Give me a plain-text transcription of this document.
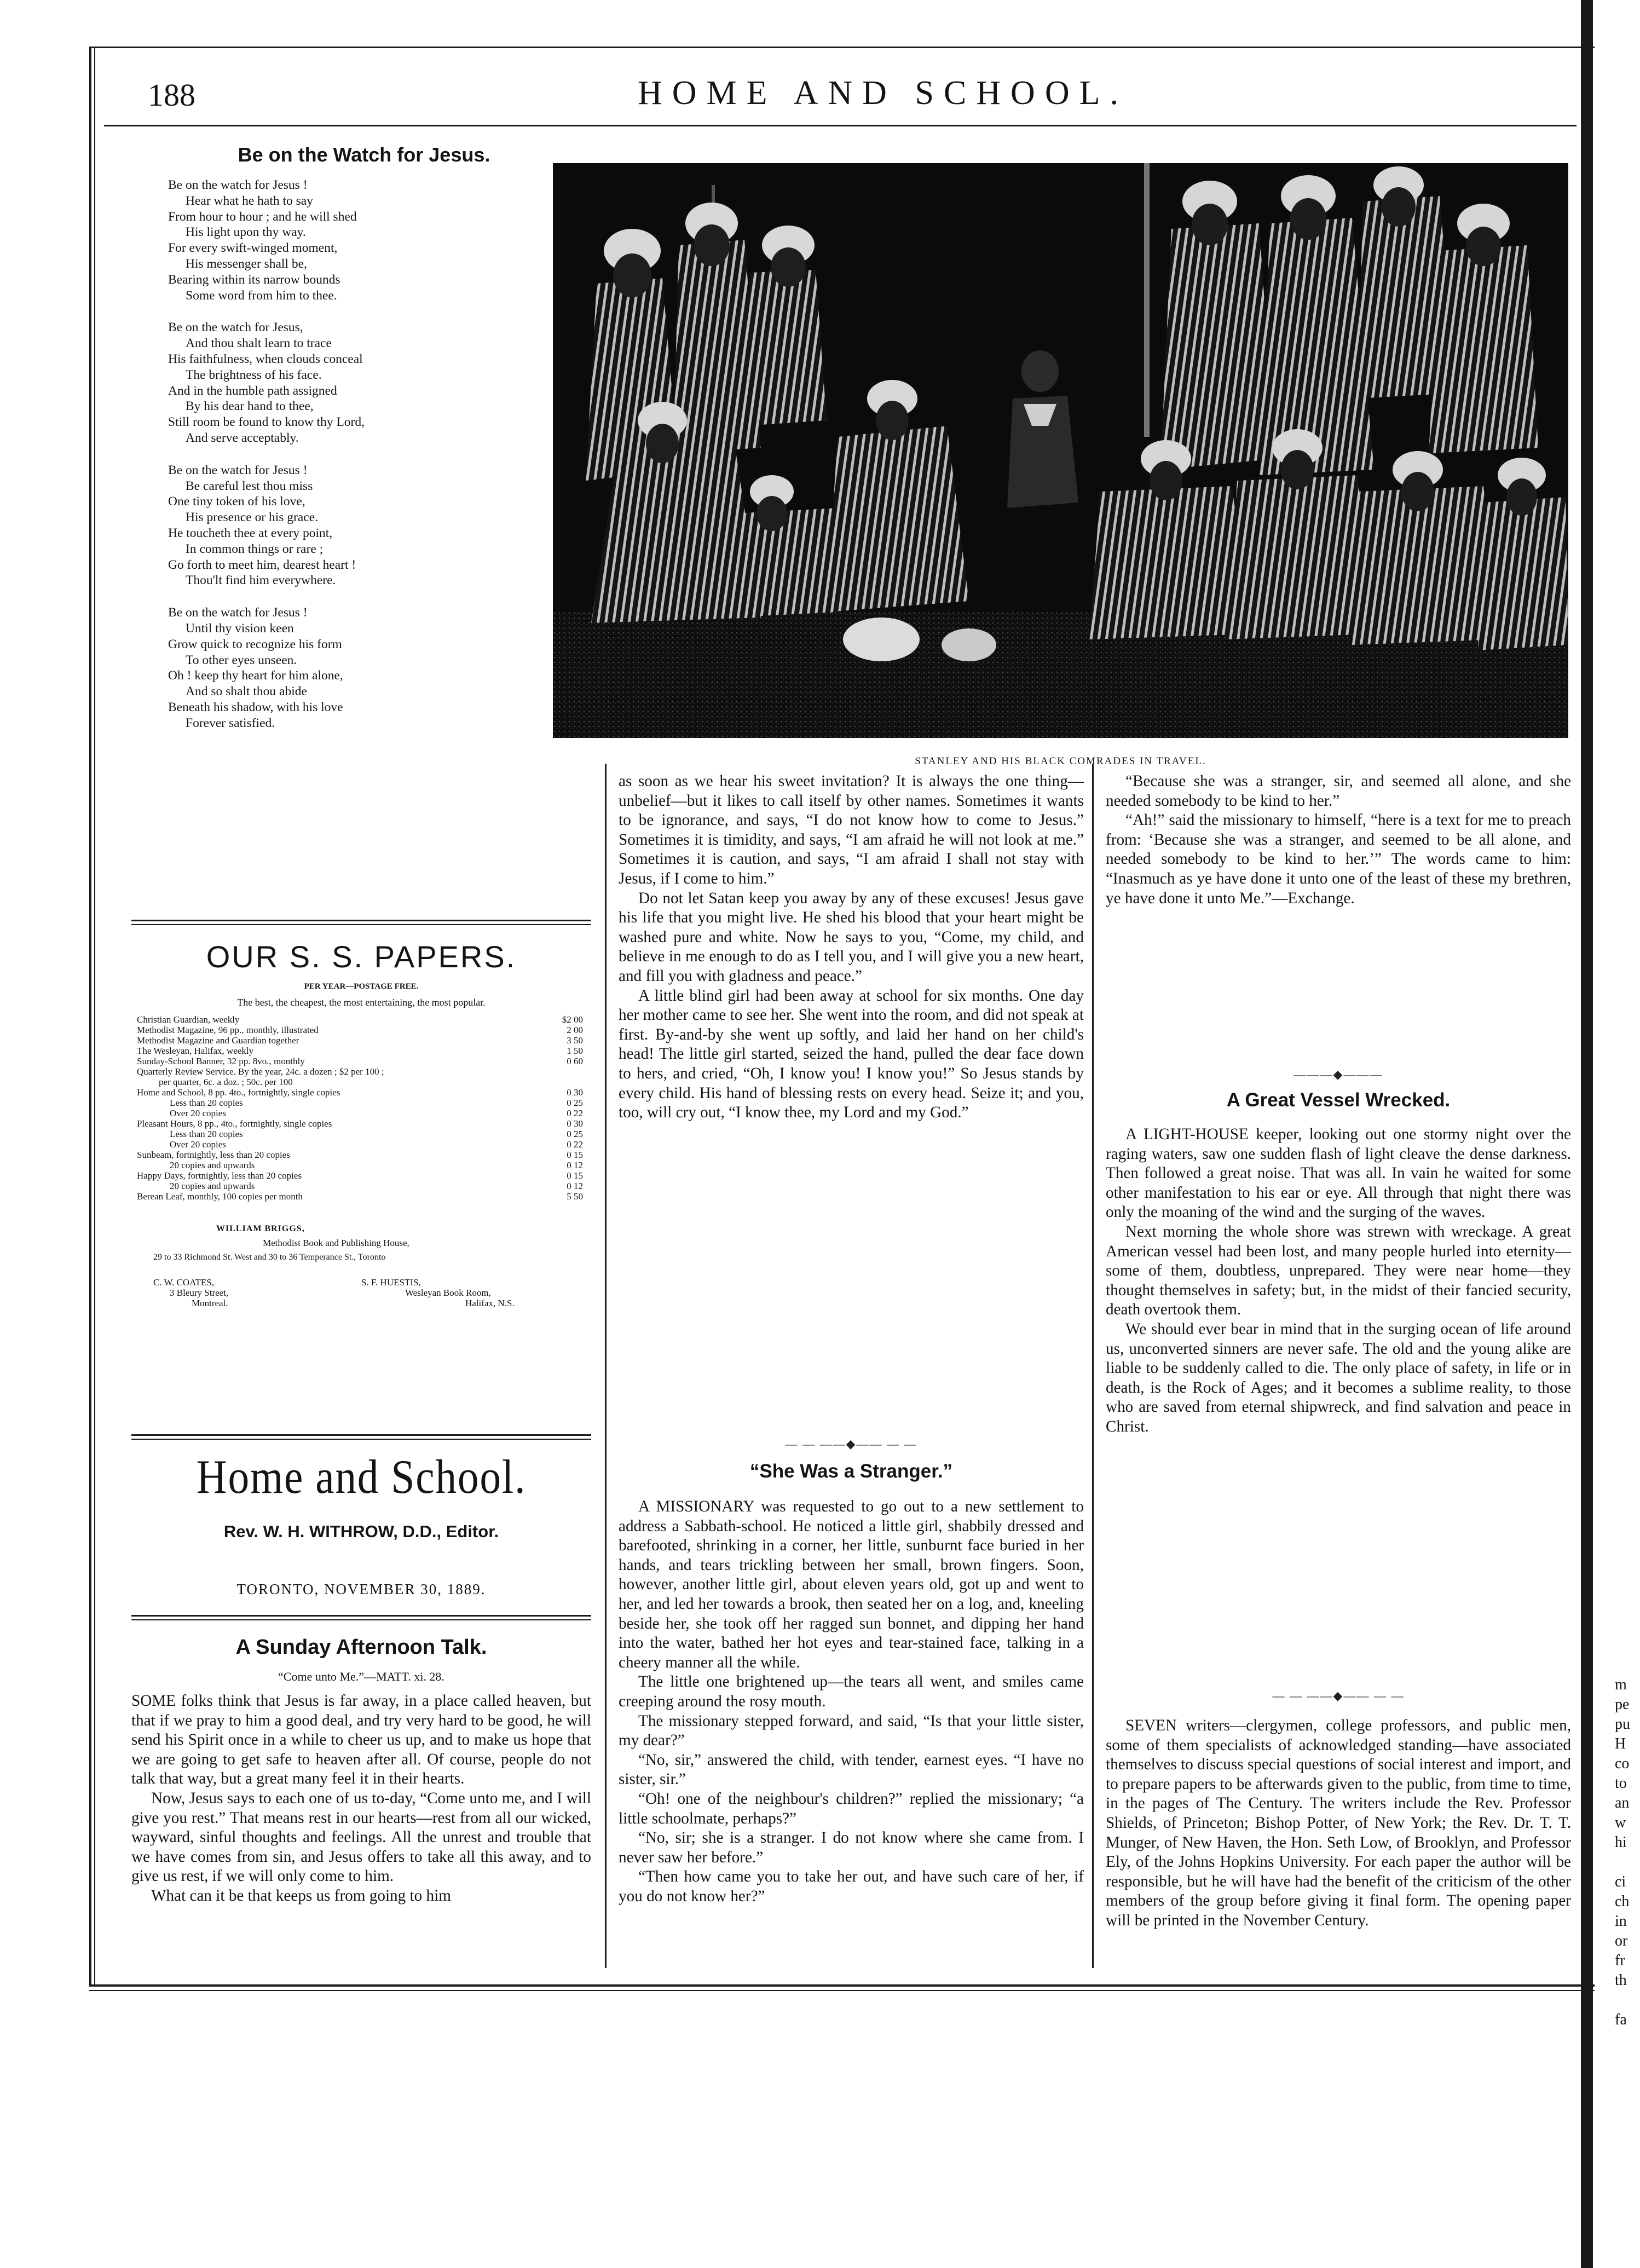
188	HOME AND SCHOOL.
Be on the Watch for Jesus.
Be on the watch for Jesus !
Hear what he hath to say
From hour to hour ; and he will shed
His light upon thy way.
For every swift-winged moment,
His messenger shall be,
Bearing within its narrow bounds
Some word from him to thee.
Be on the watch for Jesus,
And thou shalt learn to trace
His faithfulness, when clouds conceal
The brightness of his face.
And in the humble path assigned
By his dear hand to thee,
Still room be found to know thy Lord,
And serve acceptably.
Be on the watch for Jesus !
Be careful lest thou miss
One tiny token of his love,
His presence or his grace.
He toucheth thee at every point,
In common things or rare ;
Go forth to meet him, dearest heart !
Thou'lt find him everywhere.
Be on the watch for Jesus !
Until thy vision keen
Grow quick to recognize his form
To other eyes unseen.
Oh ! keep thy heart for him alone,
And so shalt thou abide
Beneath his shadow, with his love
Forever satisfied.
OUR S. S. PAPERS.
PER YEAR—POSTAGE FREE.
The best, the cheapest, the most entertaining, the most popular.
Christian Guardian, weekly	$2 00
Methodist Magazine, 96 pp., monthly, illustrated	2 00
Methodist Magazine and Guardian together	3 50
The Wesleyan, Halifax, weekly	1 50
Sunday-School Banner, 32 pp. 8vo., monthly	0 60
Quarterly Review Service. By the year, 24c. a dozen ; $2 per 100 ;
per quarter, 6c. a doz. ; 50c. per 100
Home and School, 8 pp. 4to., fortnightly, single copies	0 30
Less than 20 copies	0 25
Over 20 copies	0 22
Pleasant Hours, 8 pp., 4to., fortnightly, single copies	0 30
Less than 20 copies	0 25
Over 20 copies	0 22
Sunbeam, fortnightly, less than 20 copies	0 15
20 copies and upwards	0 12
Happy Days, fortnightly, less than 20 copies	0 15
20 copies and upwards	0 12
Berean Leaf, monthly, 100 copies per month	5 50
WILLIAM BRIGGS,
Methodist Book and Publishing House,
29 to 33 Richmond St. West and 30 to 36 Temperance St., Toronto
C. W. COATES,
3 Bleury Street,
Montreal.
S. F. HUESTIS,
Wesleyan Book Room,
Halifax, N.S.
Home and School.
Rev. W. H. WITHROW, D.D., Editor.
TORONTO, NOVEMBER 30, 1889.
A Sunday Afternoon Talk.
“Come unto Me.”—MATT. xi. 28.

SOME folks think that Jesus is far away, in a place called heaven, but that if we pray to him a good deal, and try very hard to be good, he will send his Spirit once in a while to cheer us up, and to make us hope that we are going to get safe to heaven after all. Of course, people do not talk that way, but a great many feel it in their hearts.

Now, Jesus says to each one of us to-day, “Come unto me, and I will give you rest.” That means rest in our hearts—rest from all our wicked, wayward, sinful thoughts and feelings. All the unrest and trouble that we have comes from sin, and Jesus offers to take all this away, and to give us rest, if we will only come to him.

What can it be that keeps us from going to him

STANLEY AND HIS BLACK COMRADES IN TRAVEL.

as soon as we hear his sweet invitation? It is always the one thing—unbelief—but it likes to call itself by other names. Sometimes it wants to be ignorance, and says, “I do not know how to come to Jesus.” Sometimes it is timidity, and says, “I am afraid he will not look at me.” Sometimes it is caution, and says, “I am afraid I shall not stay with Jesus, if I come to him.”

Do not let Satan keep you away by any of these excuses! Jesus gave his life that you might live. He shed his blood that your heart might be washed pure and white. Now he says to you, “Come, my child, and believe in me enough to do as I tell you, and I will give you a new heart, and fill you with gladness and peace.”

A little blind girl had been away at school for six months. One day her mother came to see her. She went into the room, and did not speak at first. By-and-by she went up softly, and laid her hand on her child's head! The little girl started, seized the hand, pulled the dear face down to hers, and cried, “Oh, I know you! I know you!” So Jesus stands by every child. His hand of blessing rests on every head. Seize it; and you, too, will cry out, “I know thee, my Lord and my God.”

— — ——◆—— — —
“She Was a Stranger.”

A MISSIONARY was requested to go out to a new settlement to address a Sabbath-school. He noticed a little girl, shabbily dressed and barefooted, shrinking in a corner, her little, sunburnt face buried in her hands, and tears trickling between her small, brown fingers. Soon, however, another little girl, about eleven years old, got up and went to her, and led her towards a brook, then seated her on a log, and, kneeling beside her, she took off her ragged sun bonnet, and dipping her hand into the water, bathed her hot eyes and tear-stained face, talking in a cheery manner all the while.

The little one brightened up—the tears all went, and smiles came creeping around the rosy mouth.

The missionary stepped forward, and said, “Is that your little sister, my dear?”

“No, sir,” answered the child, with tender, earnest eyes. “I have no sister, sir.”

“Oh! one of the neighbour's children?” replied the missionary; “a little schoolmate, perhaps?”

“No, sir; she is a stranger. I do not know where she came from. I never saw her before.”

“Then how came you to take her out, and have such care of her, if you do not know her?”

“Because she was a stranger, sir, and seemed all alone, and she needed somebody to be kind to her.”

“Ah!” said the missionary to himself, “here is a text for me to preach from: ‘Because she was a stranger, and seemed to be all alone, and needed somebody to be kind to her.’” The words came to him: “Inasmuch as ye have done it unto one of the least of these my brethren, ye have done it unto Me.”—Exchange.

———◆———
A Great Vessel Wrecked.

A LIGHT-HOUSE keeper, looking out one stormy night over the raging waters, saw one sudden flash of light cleave the dense darkness. Then followed a great noise. That was all. In vain he waited for some other manifestation to his ear or eye. All through that night there was only the moaning of the wind and the surging of the waves.

Next morning the whole shore was strewn with wreckage. A great American vessel had been lost, and many people hurled into eternity—some of them, doubtless, unprepared. They were near home—they thought themselves in safety; but, in the midst of their fancied security, death overtook them.

We should ever bear in mind that in the surging ocean of life around us, unconverted sinners are never safe. The old and the young alike are liable to be suddenly called to die. The only place of safety, in life or in death, is the Rock of Ages; and it becomes a sublime reality, to those who are saved from eternal shipwreck, and find salvation and peace in Christ.

— — ——◆—— — —

SEVEN writers—clergymen, college professors, and public men, some of them specialists of acknowledged standing—have associated themselves to discuss special questions of social interest and import, and to prepare papers to be afterwards given to the public, from time to time, in the pages of The Century. The writers include the Rev. Professor Shields, of Princeton; Bishop Potter, of New York; the Rev. Dr. T. T. Munger, of New Haven, the Hon. Seth Low, of Brooklyn, and Professor Ely, of the Johns Hopkins University. For each paper the author will be responsible, but he will have had the benefit of the criticism of the other members of the group before giving it final form. The opening paper will be printed in the November Century.

m
pe
pu
H
co
to
an
w
hi
ci
ch
in
or
fr
th
fa
